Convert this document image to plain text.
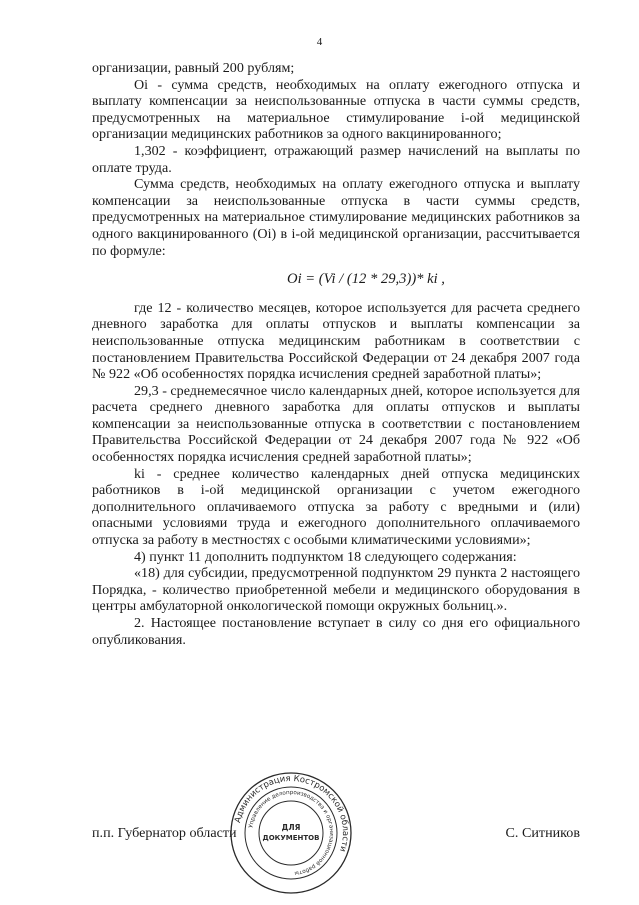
4

организации, равный 200 рублям;

Oi - сумма средств, необходимых на оплату ежегодного отпуска и выплату компенсации за неиспользованные отпуска в части суммы средств, предусмотренных на материальное стимулирование i-ой медицинской организации медицинских работников за одного вакцинированного;

1,302 - коэффициент, отражающий размер начислений на выплаты по оплате труда.

Сумма средств, необходимых на оплату ежегодного отпуска и выплату компенсации за неиспользованные отпуска в части суммы средств, предусмотренных на материальное стимулирование медицинских работников за одного вакцинированного (Oi) в i-ой медицинской организации, рассчитывается по формуле:

Oi = (Vi / (12 * 29,3))* ki ,

где 12 - количество месяцев, которое используется для расчета среднего дневного заработка для оплаты отпусков и выплаты компенсации за неиспользованные отпуска медицинским работникам в соответствии с постановлением Правительства Российской Федерации от 24 декабря 2007 года № 922 «Об особенностях порядка исчисления средней заработной платы»;

29,3 - среднемесячное число календарных дней, которое используется для расчета среднего дневного заработка для оплаты отпусков и выплаты компенсации за неиспользованные отпуска в соответствии с постановлением Правительства Российской Федерации от 24 декабря 2007 года № 922 «Об особенностях порядка исчисления средней заработной платы»;

ki - среднее количество календарных дней отпуска медицинских работников в i-ой медицинской организации с учетом ежегодного дополнительного оплачиваемого отпуска за работу с вредными и (или) опасными условиями труда и ежегодного дополнительного оплачиваемого отпуска за работу в местностях с особыми климатическими условиями»;

4) пункт 11 дополнить подпунктом 18 следующего содержания:

«18) для субсидии, предусмотренной подпунктом 29 пункта 2 настоящего Порядка, - количество приобретенной мебели и медицинского оборудования в центры амбулаторной онкологической помощи окружных больниц.».

2. Настоящее постановление вступает в силу со дня его официального опубликования.

п.п. Губернатор области	С. Ситников
Администрация Костромской области
Управление делопроизводства и организационной работы
ДЛЯ
ДОКУМЕНТОВ
